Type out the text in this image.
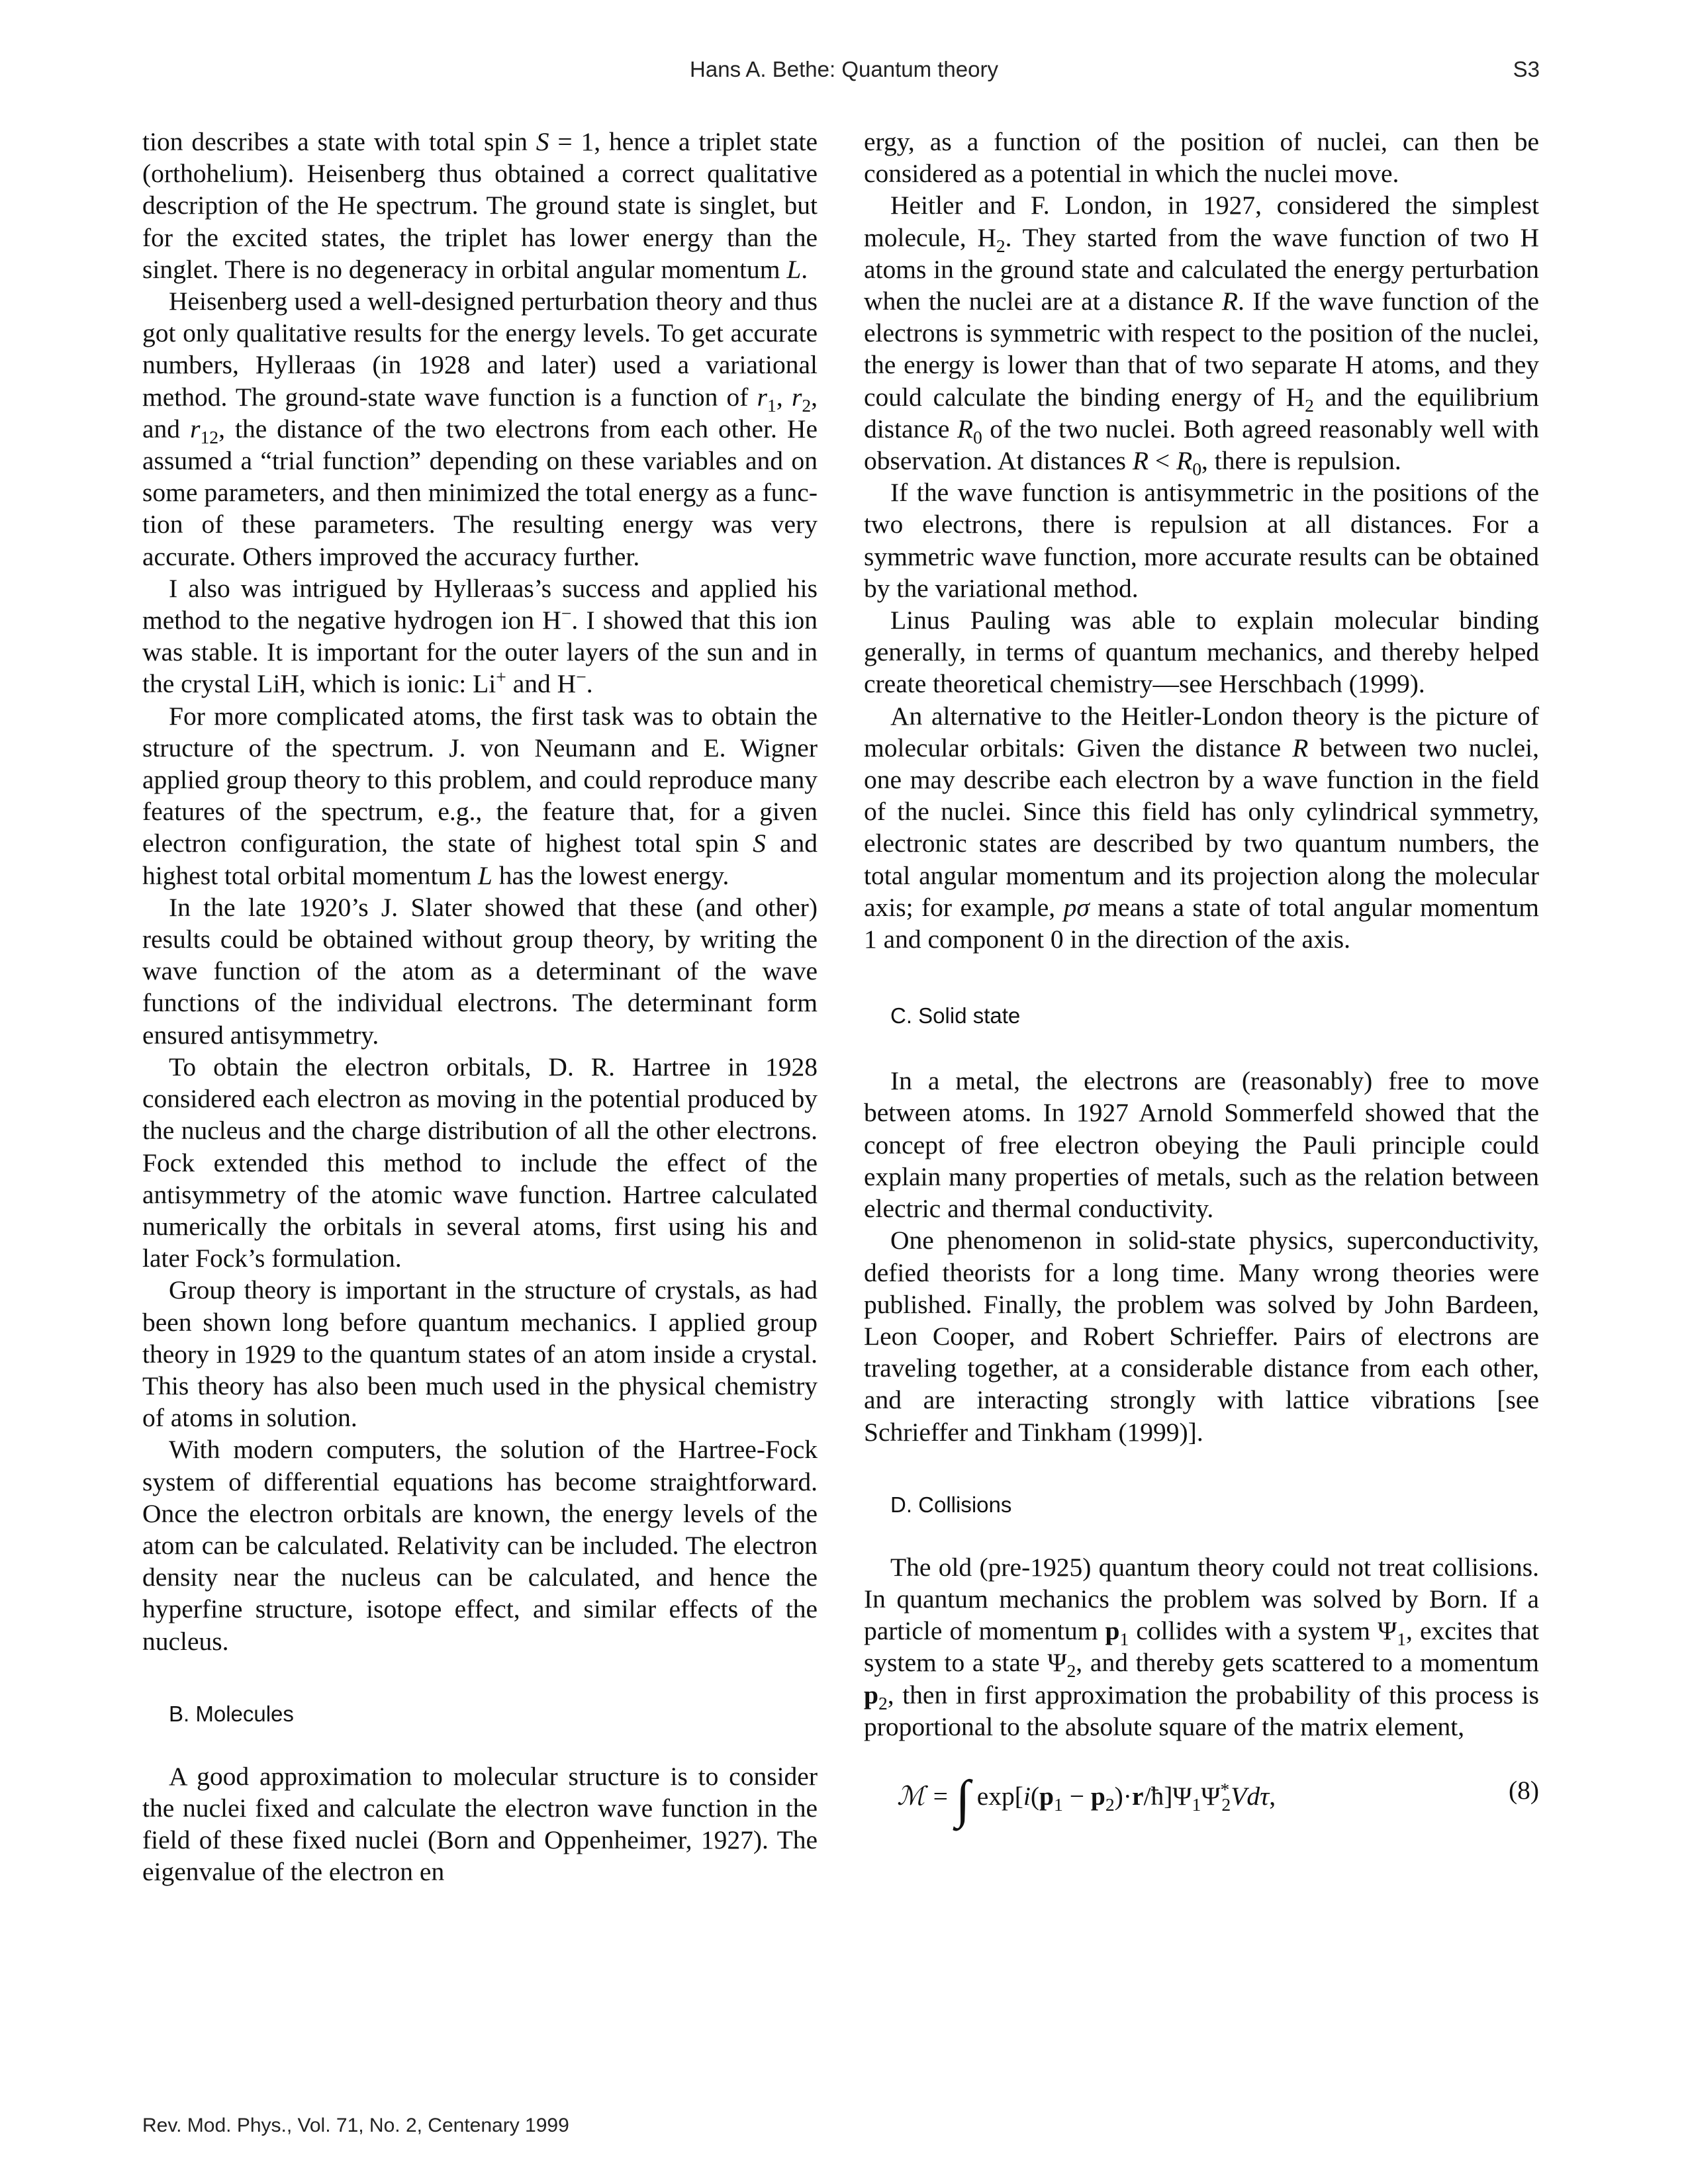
Hans A. Bethe: Quantum theory	S3

tion describes a state with total spin S = 1, hence a triplet state (orthohelium). Heisenberg thus obtained a correct qualitative description of the He spectrum. The ground state is singlet, but for the excited states, the triplet has lower energy than the singlet. There is no degeneracy in orbital angular momentum L.

Heisenberg used a well-designed perturbation theory and thus got only qualitative results for the energy levels. To get accurate numbers, Hylleraas (in 1928 and later) used a variational method. The ground-state wave function is a function of $r_1$, $r_2$, and $r_{12}$, the distance of the two electrons from each other. He assumed a “trial function” depending on these variables and on some parameters, and then minimized the total energy as a function of these parameters. The resulting energy was very accurate. Others improved the accuracy further.

I also was intrigued by Hylleraas’s success and applied his method to the negative hydrogen ion H−. I showed that this ion was stable. It is important for the outer layers of the sun and in the crystal LiH, which is ionic: Li+ and H−.

For more complicated atoms, the first task was to obtain the structure of the spectrum. J. von Neumann and E. Wigner applied group theory to this problem, and could reproduce many features of the spectrum, e.g., the feature that, for a given electron configuration, the state of highest total spin S and highest total orbital momentum L has the lowest energy.

In the late 1920’s J. Slater showed that these (and other) results could be obtained without group theory, by writing the wave function of the atom as a determinant of the wave functions of the individual electrons. The determinant form ensured antisymmetry.

To obtain the electron orbitals, D. R. Hartree in 1928 considered each electron as moving in the potential produced by the nucleus and the charge distribution of all the other electrons. Fock extended this method to include the effect of the antisymmetry of the atomic wave function. Hartree calculated numerically the orbitals in several atoms, first using his and later Fock’s formulation.

Group theory is important in the structure of crystals, as had been shown long before quantum mechanics. I applied group theory in 1929 to the quantum states of an atom inside a crystal. This theory has also been much used in the physical chemistry of atoms in solution.

With modern computers, the solution of the Hartree-Fock system of differential equations has become straightforward. Once the electron orbitals are known, the energy levels of the atom can be calculated. Relativity can be included. The electron density near the nucleus can be calculated, and hence the hyperfine structure, isotope effect, and similar effects of the nucleus.

B. Molecules

A good approximation to molecular structure is to consider the nuclei fixed and calculate the electron wave function in the field of these fixed nuclei (Born and Oppenheimer, 1927). The eigenvalue of the electron en

ergy, as a function of the position of nuclei, can then be considered as a potential in which the nuclei move.

Heitler and F. London, in 1927, considered the simplest molecule, $H_2$. They started from the wave function of two H atoms in the ground state and calculated the energy perturbation when the nuclei are at a distance R. If the wave function of the electrons is symmetric with respect to the position of the nuclei, the energy is lower than that of two separate H atoms, and they could calculate the binding energy of $H_2$ and the equilibrium distance $R_0$ of the two nuclei. Both agreed reasonably well with observation. At distances $R < R_0$, there is repulsion.

If the wave function is antisymmetric in the positions of the two electrons, there is repulsion at all distances. For a symmetric wave function, more accurate results can be obtained by the variational method.

Linus Pauling was able to explain molecular binding generally, in terms of quantum mechanics, and thereby helped create theoretical chemistry—see Herschbach (1999).

An alternative to the Heitler-London theory is the picture of molecular orbitals: Given the distance R between two nuclei, one may describe each electron by a wave function in the field of the nuclei. Since this field has only cylindrical symmetry, electronic states are described by two quantum numbers, the total angular momentum and its projection along the molecular axis; for example, pσ means a state of total angular momentum 1 and component 0 in the direction of the axis.

C. Solid state

In a metal, the electrons are (reasonably) free to move between atoms. In 1927 Arnold Sommerfeld showed that the concept of free electron obeying the Pauli principle could explain many properties of metals, such as the relation between electric and thermal conductivity.

One phenomenon in solid-state physics, superconductivity, defied theorists for a long time. Many wrong theories were published. Finally, the problem was solved by John Bardeen, Leon Cooper, and Robert Schrieffer. Pairs of electrons are traveling together, at a considerable distance from each other, and are interacting strongly with lattice vibrations [see Schrieffer and Tinkham (1999)].

D. Collisions

The old (pre-1925) quantum theory could not treat collisions. In quantum mechanics the problem was solved by Born. If a particle of momentum $p_1$ collides with a system $\Psi_1$, excites that system to a state $\Psi_2$, and thereby gets scattered to a momentum $p_2$, then in first approximation the probability of this process is proportional to the absolute square of the matrix element,

ℳ = ∫ $\exp[i(p_1$ − $p_2)\cdot r/ħ]\Psi_1\Psi^*_2Vd\tau$,	(8)
Rev. Mod. Phys., Vol. 71, No. 2, Centenary 1999
